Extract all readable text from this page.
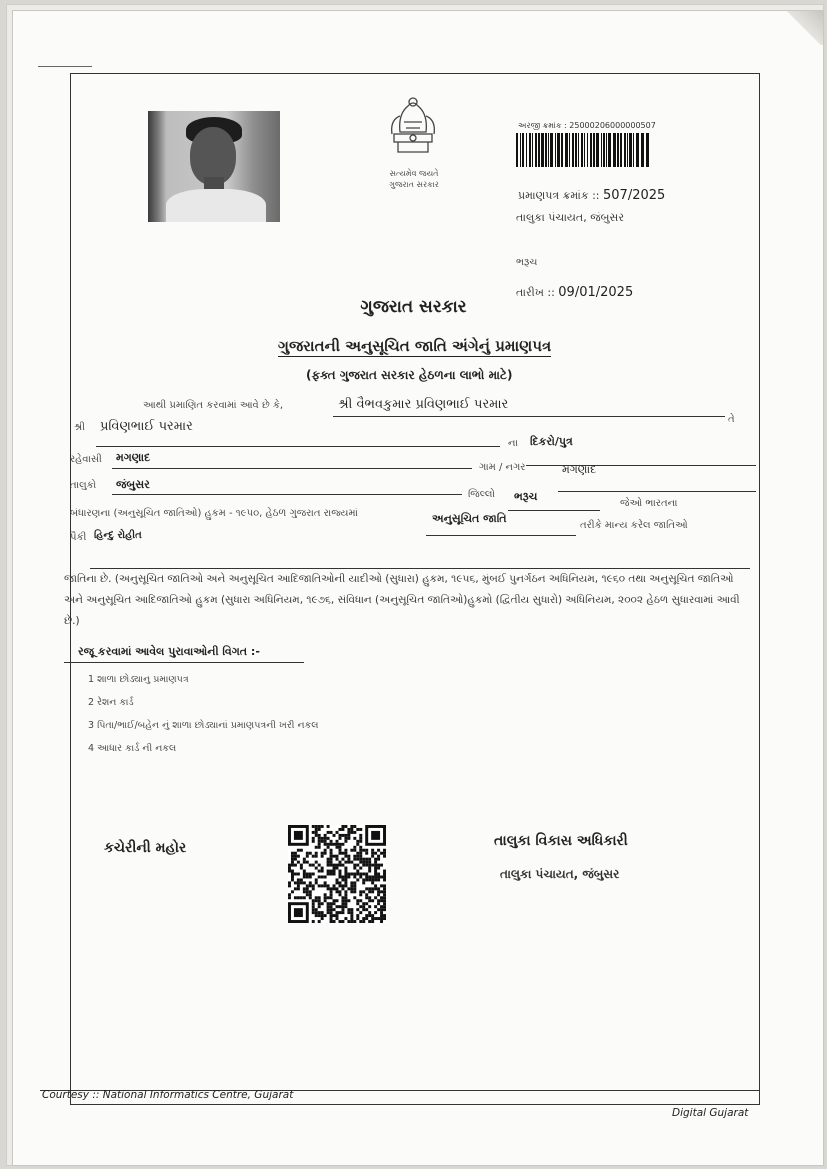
સત્યમેવ જયતે
ગુજરાત સરકાર
અરજી ક્રમાંક : 25000206000000507
પ્રમાણપત્ર ક્રમાંક :: 507/2025
તાલુકા પંચાયત, જંબુસર
ભરૂચ
તારીખ :: 09/01/2025
ગુજરાત સરકાર
ગુજરાતની અનુસૂચિત જાતિ અંગેનું પ્રમાણપત્ર
(ફક્ત ગુજરાત સરકાર હેઠળના લાભો માટે)
આથી પ્રમાણિત કરવામાં આવે છે કે,	શ્રી વૈભવકુમાર પ્રવિણભાઈ પરમાર
તે
શ્રી પ્રવિણભાઈ પરમાર
ના દિકરો/પુત્ર
રહેવાસી મગણાદ
ગામ / નગર	મગણાદ
તાલુકો જંબુસર
જિલ્લો ભરૂચ
જેઓ ભારતના
બંધારણના (અનુસૂચિત જાતિઓ) હુકમ - ૧૯૫૦, હેઠળ ગુજરાત રાજ્યમાં	અનુસૂચિત જાતિ
તરીકે માન્ય કરેલ જાતિઓ
પૈકી હિન્દુ રોહીત
જાતિના છે. (અનુસૂચિત જાતિઓ અને અનુસૂચિત આદિજાતિઓની યાદીઓ (સુધારા) હુકમ, ૧૯૫૬, મુંબઈ પુનર્ગઠન અધિનિયમ, ૧૯૬૦ તથા અનુસૂચિત જાતિઓ અને અનુસૂચિત આદિજાતિઓ હુકમ (સુધારા અધિનિયમ, ૧૯૭૬, સંવિધાન (અનુસૂચિત જાતિઓ)હુકમો (દ્વિતીય સુધારો) અધિનિયમ, ૨૦૦૨ હેઠળ સુધારવામાં આવી છે.)
રજૂ કરવામાં આવેલ પુરાવાઓની વિગત :-
1 શાળા છોડ્યાનુ પ્રમાણપત્ર
2 રેશન કાર્ડ
3 પિતા/ભાઈ/બહેન નું શાળા છોડ્યાનાં પ્રમાણપત્રની ખરી નકલ
4 આધાર કાર્ડ ની નકલ
કચેરીની મહોર	તાલુકા વિકાસ અધિકારી
તાલુકા પંચાયત, જંબુસર
Courtesy :: National Informatics Centre, Gujarat
Digital Gujarat
